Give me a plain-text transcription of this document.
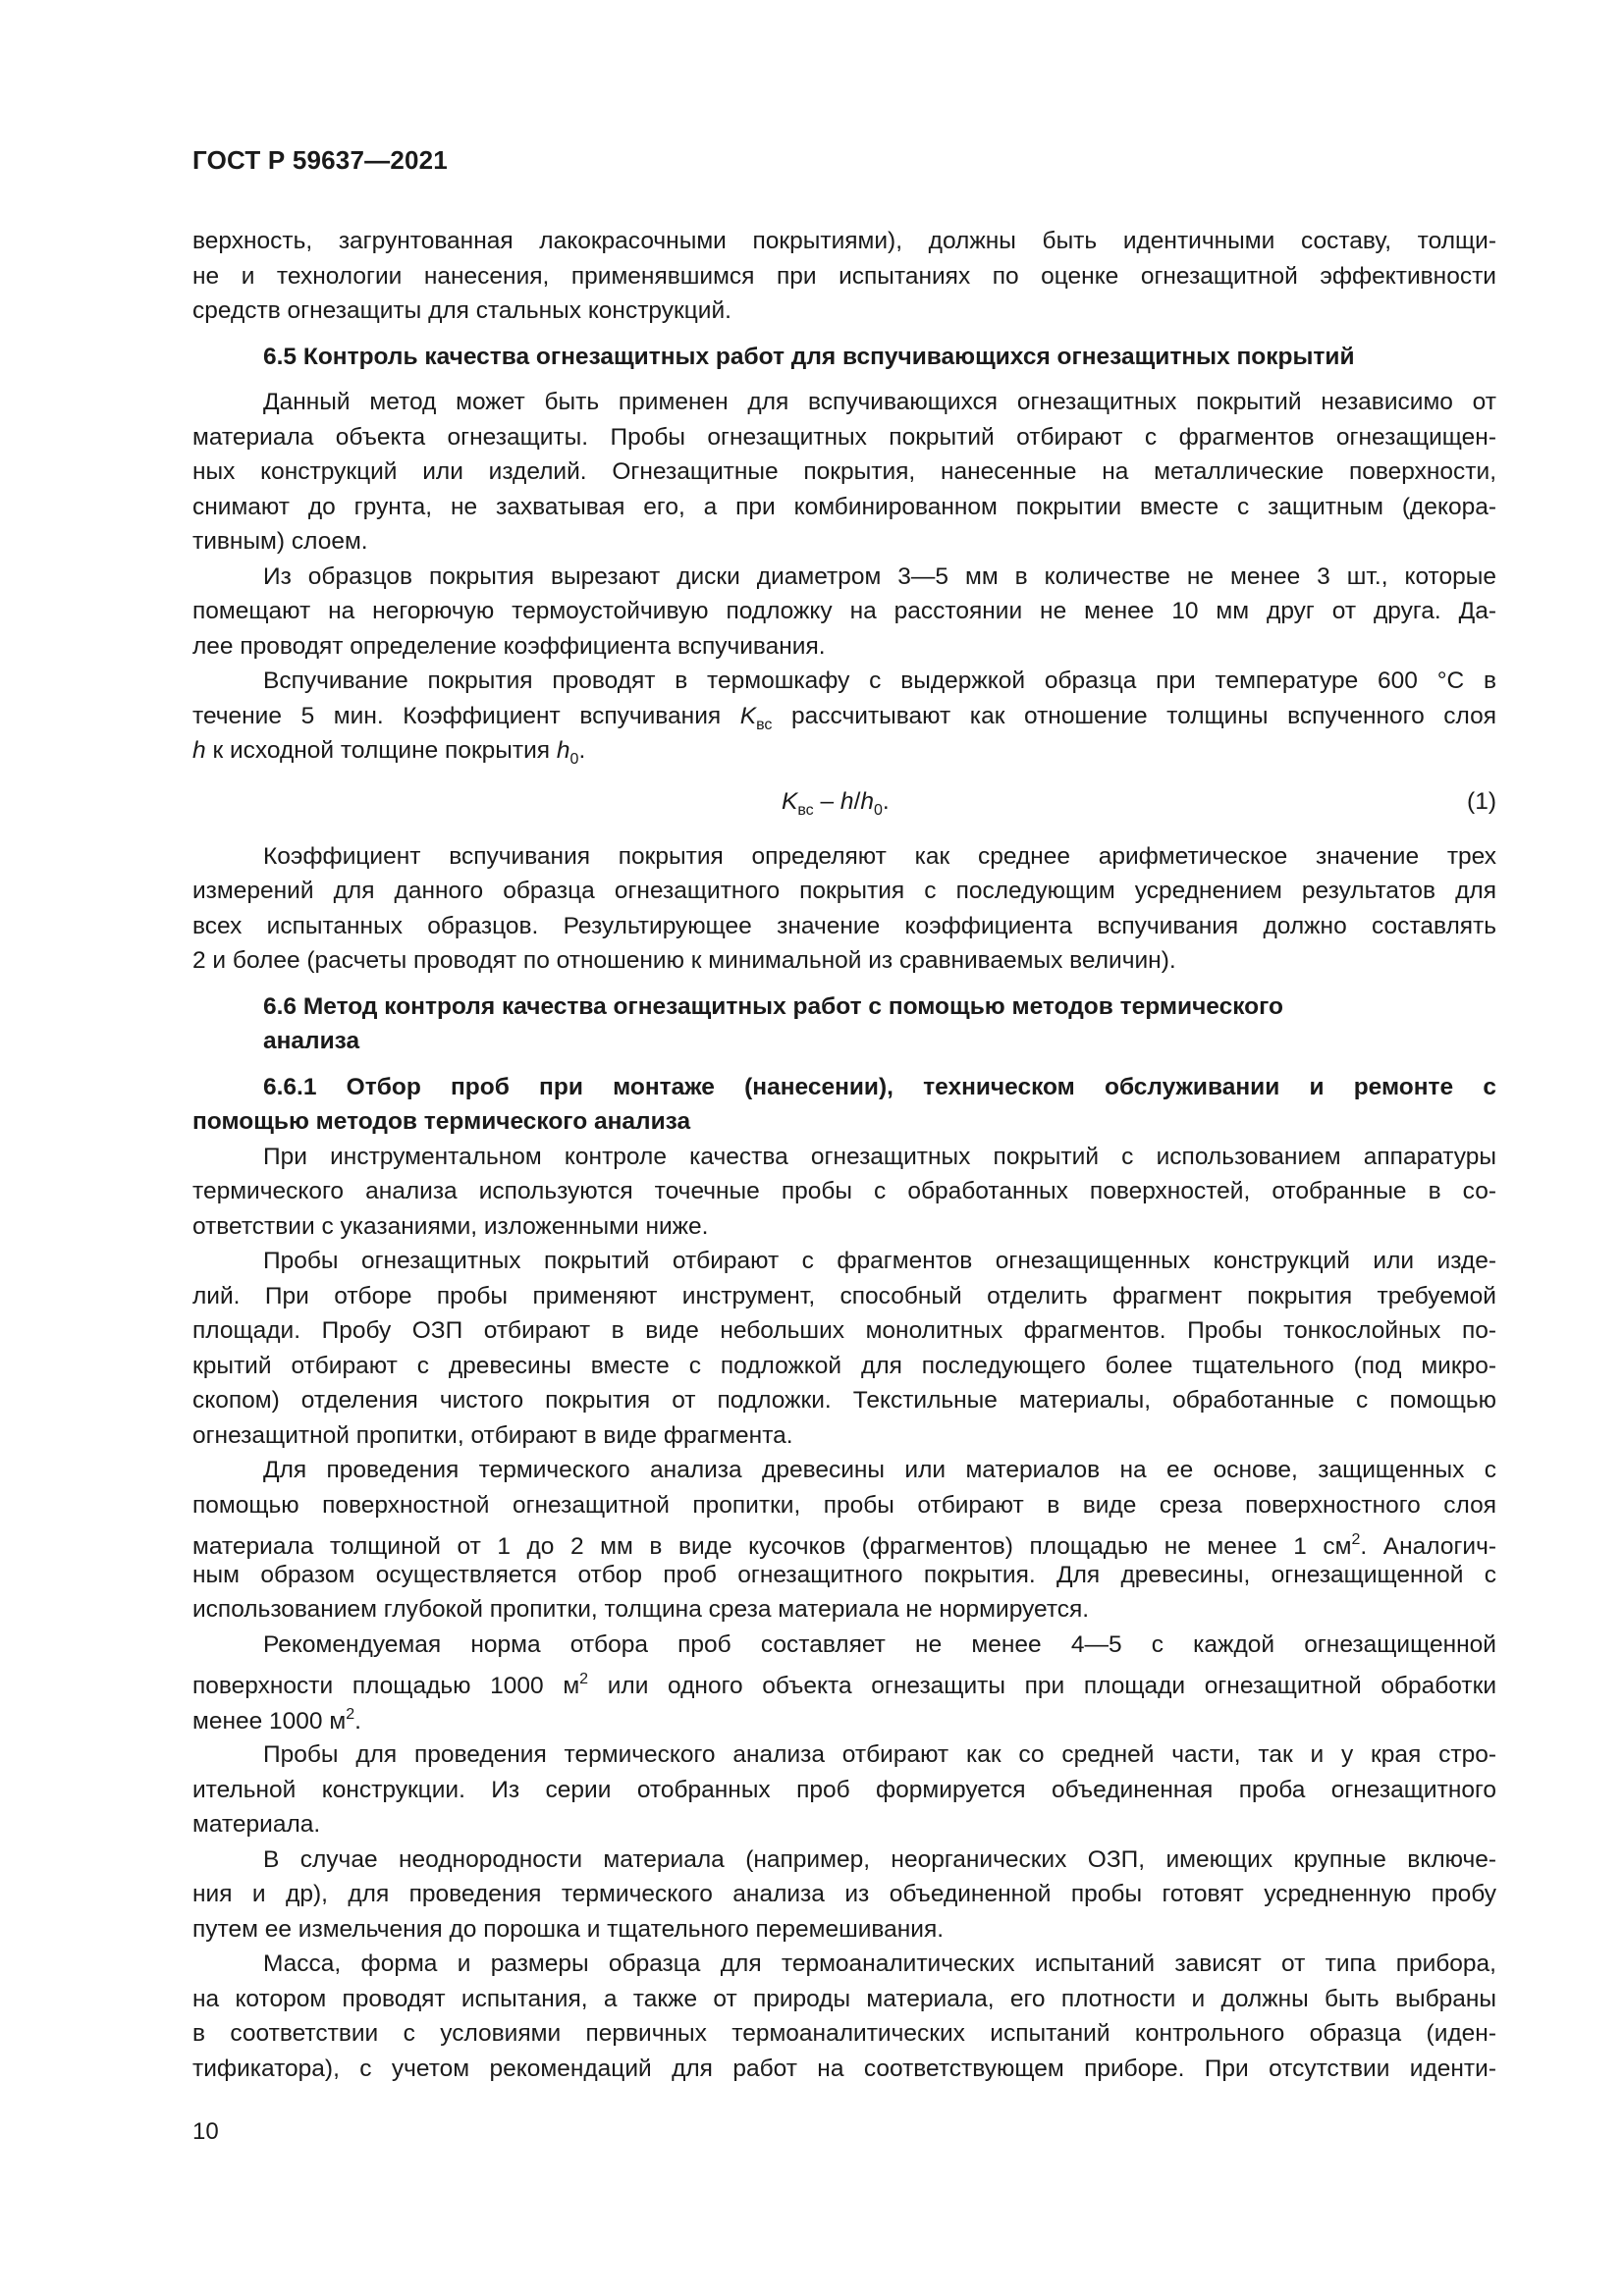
ГОСТ Р 59637—2021
верхность, загрунтованная лакокрасочными покрытиями), должны быть идентичными составу, толщи-
не и технологии нанесения, применявшимся при испытаниях по оценке огнезащитной эффективности
средств огнезащиты для стальных конструкций.
6.5 Контроль качества огнезащитных работ для вспучивающихся огнезащитных покрытий
Данный метод может быть применен для вспучивающихся огнезащитных покрытий независимо от
материала объекта огнезащиты. Пробы огнезащитных покрытий отбирают с фрагментов огнезащищен-
ных конструкций или изделий. Огнезащитные покрытия, нанесенные на металлические поверхности,
снимают до грунта, не захватывая его, а при комбинированном покрытии вместе с защитным (декора-
тивным) слоем.
Из образцов покрытия вырезают диски диаметром 3—5 мм в количестве не менее 3 шт., которые
помещают на негорючую термоустойчивую подложку на расстоянии не менее 10 мм друг от друга. Да-
лее проводят определение коэффициента вспучивания.
Вспучивание покрытия проводят в термошкафу с выдержкой образца при температуре 600 °С в
течение 5 мин. Коэффициент вспучивания $K_{вс}$ рассчитывают как отношение толщины вспученного слоя
h к исходной толщине покрытия $h_0$.
$K_{вс} - h/h_0$.	(1)
Коэффициент вспучивания покрытия определяют как среднее арифметическое значение трех
измерений для данного образца огнезащитного покрытия с последующим усреднением результатов для
всех испытанных образцов. Результирующее значение коэффициента вспучивания должно составлять
2 и более (расчеты проводят по отношению к минимальной из сравниваемых величин).
6.6 Метод контроля качества огнезащитных работ с помощью методов термического
анализа
6.6.1 Отбор проб при монтаже (нанесении), техническом обслуживании и ремонте с
помощью методов термического анализа
При инструментальном контроле качества огнезащитных покрытий с использованием аппаратуры
термического анализа используются точечные пробы с обработанных поверхностей, отобранные в со-
ответствии с указаниями, изложенными ниже.
Пробы огнезащитных покрытий отбирают с фрагментов огнезащищенных конструкций или изде-
лий. При отборе пробы применяют инструмент, способный отделить фрагмент покрытия требуемой
площади. Пробу ОЗП отбирают в виде небольших монолитных фрагментов. Пробы тонкослойных по-
крытий отбирают с древесины вместе с подложкой для последующего более тщательного (под микро-
скопом) отделения чистого покрытия от подложки. Текстильные материалы, обработанные с помощью
огнезащитной пропитки, отбирают в виде фрагмента.
Для проведения термического анализа древесины или материалов на ее основе, защищенных с
помощью поверхностной огнезащитной пропитки, пробы отбирают в виде среза поверхностного слоя
материала толщиной от 1 до 2 мм в виде кусочков (фрагментов) площадью не менее 1 $см^2$. Аналогич-
ным образом осуществляется отбор проб огнезащитного покрытия. Для древесины, огнезащищенной с
использованием глубокой пропитки, толщина среза материала не нормируется.
Рекомендуемая норма отбора проб составляет не менее 4—5 с каждой огнезащищенной
поверхности площадью 1000 $м^2$ или одного объекта огнезащиты при площади огнезащитной обработки
менее 1000 $м^2$.
Пробы для проведения термического анализа отбирают как со средней части, так и у края стро-
ительной конструкции. Из серии отобранных проб формируется объединенная проба огнезащитного
материала.
В случае неоднородности материала (например, неорганических ОЗП, имеющих крупные включе-
ния и др), для проведения термического анализа из объединенной пробы готовят усредненную пробу
путем ее измельчения до порошка и тщательного перемешивания.
Масса, форма и размеры образца для термоаналитических испытаний зависят от типа прибора,
на котором проводят испытания, а также от природы материала, его плотности и должны быть выбраны
в соответствии с условиями первичных термоаналитических испытаний контрольного образца (иден-
тификатора), с учетом рекомендаций для работ на соответствующем приборе. При отсутствии иденти-
10
